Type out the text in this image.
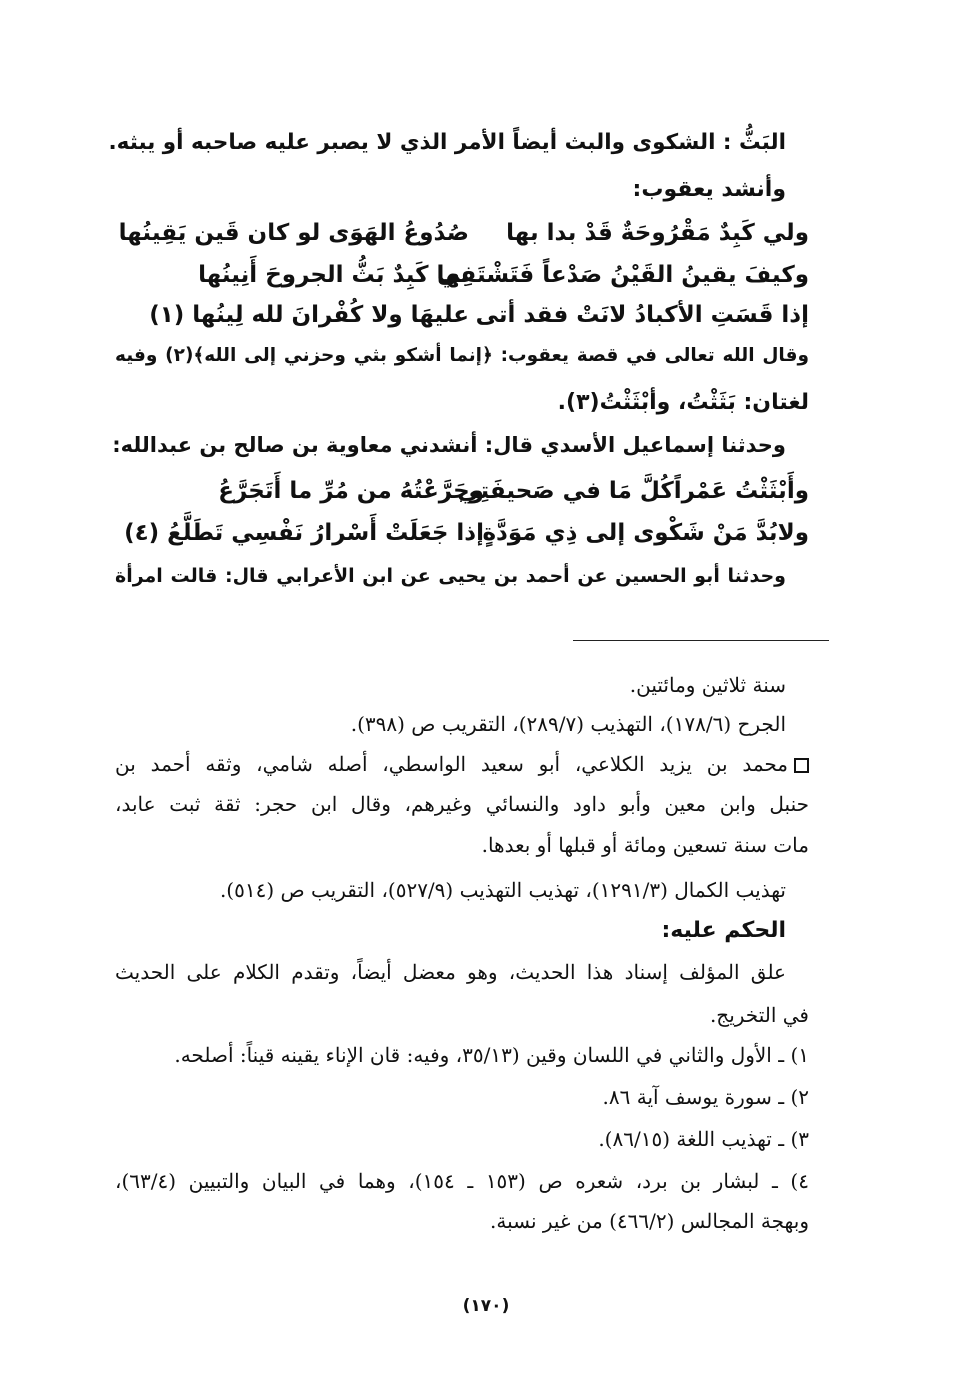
البَثُّ : الشكوى والبث أيضاً الأمر الذي لا يصبر عليه صاحبه أو يبثه.
وأنشد يعقوب:
ولي كَبِدٌ مَقْرُوحَةٌ قَدْ بدا بها
صُدُوعُ الهَوَى لو كان قَين يَقِينُها
وكيفَ يقينُ القَيْنُ صَدْعاً فَتَشْتَفِي
بها كَبِدٌ بَثُّ الجروحَ أَنِينُها
إذا قَسَتِ الأكبادُ لانَتْ فقد أتى
عليهَا ولا كُفْرانَ لله لِينُها (١)
وقال الله تعالى في قصة يعقوب: ﴿إنما أشكو بثي وحزني إلى الله﴾(٢) وفيه
لغتان: بَثَثْتُ، وأبْثَثْتُ(٣).
وحدثنا إسماعيل الأسدي قال: أنشدني معاوية بن صالح بن عبدالله:
وأَبْثَثْتُ عَمْراًكُلَّ مَا في صَحيفَتِي
وجَرَّعْتُهُ من مُرِّ ما أَتَجَرَّعُ
ولابُدَّ مَنْ شَكْوى إلى ذِي مَوَدَّةٍ
إذا جَعَلَتْ أَسْرارُ نَفْسِي تَطَلَّعُ (٤)
وحدثنا أبو الحسين عن أحمد بن يحيى عن ابن الأعرابي قال: قالت امرأة
سنة ثلاثين ومائتين.
الجرح (١٧٨/٦)، التهذيب (٢٨٩/٧)، التقريب ص (٣٩٨).
محمد بن يزيد الكلاعي، أبو سعيد الواسطي، أصله شامي، وثقه أحمد بن
حنبل وابن معين وأبو داود والنسائي وغيرهم، وقال ابن حجر: ثقة ثبت عابد،
مات سنة تسعين ومائة أو قبلها أو بعدها.
تهذيب الكمال (١٢٩١/٣)، تهذيب التهذيب (٥٢٧/٩)، التقريب ص (٥١٤).
الحكم عليه:
علق المؤلف إسناد هذا الحديث، وهو معضل أيضاً، وتقدم الكلام على الحديث
في التخريج.
١) ـ الأول والثاني في اللسان وقين (٣٥/١٣، وفيه: قان الإناء يقينه قيناً: أصلحه.
٢) ـ سورة يوسف آية ٨٦.
٣) ـ تهذيب اللغة (٨٦/١٥).
٤) ـ لبشار بن برد، شعره ص (١٥٣ ـ ١٥٤)، وهما في البيان والتبيين (٦٣/٤)،
وبهجة المجالس (٤٦٦/٢) من غير نسبة.
(١٧٠)
